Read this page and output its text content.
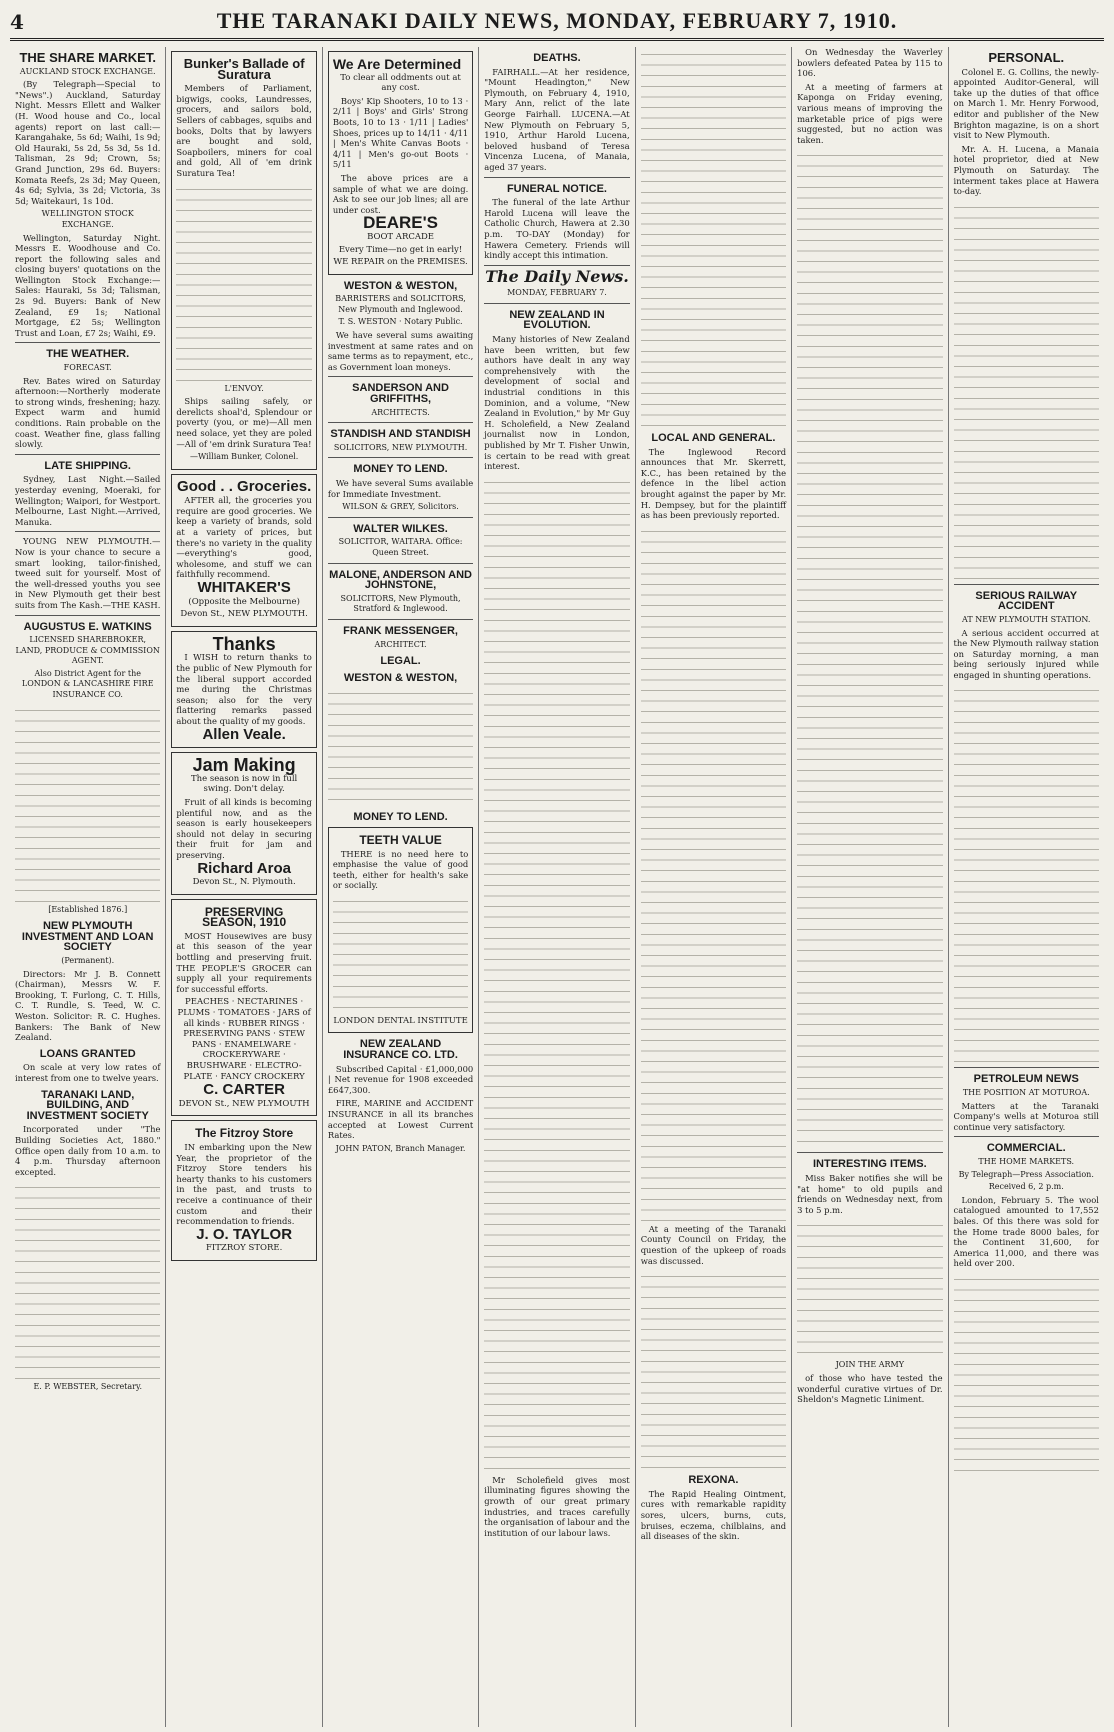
4	THE TARANAKI DAILY NEWS, MONDAY, FEBRUARY 7, 1910.
THE SHARE MARKET.
AUCKLAND STOCK EXCHANGE.

(By Telegraph—Special to "News".) Auckland, Saturday Night. Messrs Ellett and Walker (H. Wood house and Co., local agents) report on last call:—Karangahake, 5s 6d; Waihi, 1s 9d; Old Hauraki, 5s 2d, 5s 3d, 5s 1d. Talisman, 2s 9d; Crown, 5s; Grand Junction, 29s 6d. Buyers: Komata Reefs, 2s 3d; May Queen, 4s 6d; Sylvia, 3s 2d; Victoria, 3s 5d; Waitekauri, 1s 10d.

WELLINGTON STOCK EXCHANGE.

Wellington, Saturday Night. Messrs E. Woodhouse and Co. report the following sales and closing buyers' quotations on the Wellington Stock Exchange:—Sales: Hauraki, 5s 3d; Talisman, 2s 9d. Buyers: Bank of New Zealand, £9 1s; National Mortgage, £2 5s; Wellington Trust and Loan, £7 2s; Waihi, £9.

THE WEATHER.
FORECAST.

Rev. Bates wired on Saturday afternoon:—Northerly moderate to strong winds, freshening; hazy. Expect warm and humid conditions. Rain probable on the coast. Weather fine, glass falling slowly.

LATE SHIPPING.

Sydney, Last Night.—Sailed yesterday evening, Moeraki, for Wellington; Waipori, for Westport. Melbourne, Last Night.—Arrived, Manuka.

YOUNG NEW PLYMOUTH.—Now is your chance to secure a smart looking, tailor-finished, tweed suit for yourself. Most of the well-dressed youths you see in New Plymouth get their best suits from The Kash.—THE KASH.

AUGUSTUS E. WATKINS
LICENSED SHAREBROKER, LAND, PRODUCE & COMMISSION AGENT.
Also District Agent for the LONDON & LANCASHIRE FIRE INSURANCE CO.
[Established 1876.]
NEW PLYMOUTH INVESTMENT AND LOAN SOCIETY
(Permanent).

Directors: Mr J. B. Connett (Chairman), Messrs W. F. Brooking, T. Furlong, C. T. Hills, C. T. Rundle, S. Teed, W. C. Weston. Solicitor: R. C. Hughes. Bankers: The Bank of New Zealand.

LOANS GRANTED

On scale at very low rates of interest from one to twelve years.

TARANAKI LAND, BUILDING, AND INVESTMENT SOCIETY

Incorporated under "The Building Societies Act, 1880." Office open daily from 10 a.m. to 4 p.m. Thursday afternoon excepted.

E. P. WEBSTER, Secretary.
Bunker's Ballade of Suratura

Members of Parliament, bigwigs, cooks, Laundresses, grocers, and sailors bold, Sellers of cabbages, squibs and books, Dolts that by lawyers are bought and sold, Soapboilers, miners for coal and gold, All of 'em drink Suratura Tea!

L'ENVOY.

Ships sailing safely, or derelicts shoal'd, Splendour or poverty (you, or me)—All men need solace, yet they are poled—All of 'em drink Suratura Tea!

—William Bunker, Colonel.
Good . . Groceries.

AFTER all, the groceries you require are good groceries. We keep a variety of brands, sold at a variety of prices, but there's no variety in the quality—everything's good, wholesome, and stuff we can faithfully recommend.

WHITAKER'S
(Opposite the Melbourne)
Devon St., NEW PLYMOUTH.
Thanks

I WISH to return thanks to the public of New Plymouth for the liberal support accorded me during the Christmas season; also for the very flattering remarks passed about the quality of my goods.

Allen Veale.
Jam Making
The season is now in full swing. Don't delay.

Fruit of all kinds is becoming plentiful now, and as the season is early housekeepers should not delay in securing their fruit for jam and preserving.

Richard Aroa
Devon St., N. Plymouth.
PRESERVING SEASON, 1910

MOST Housewives are busy at this season of the year bottling and preserving fruit. THE PEOPLE'S GROCER can supply all your requirements for successful efforts.

PEACHES · NECTARINES · PLUMS · TOMATOES · JARS of all kinds · RUBBER RINGS · PRESERVING PANS · STEW PANS · ENAMELWARE · CROCKERYWARE · BRUSHWARE · ELECTRO-PLATE · FANCY CROCKERY
C. CARTER
DEVON St., NEW PLYMOUTH
The Fitzroy Store

IN embarking upon the New Year, the proprietor of the Fitzroy Store tenders his hearty thanks to his customers in the past, and trusts to receive a continuance of their custom and their recommendation to friends.

J. O. TAYLOR
FITZROY STORE.
We Are Determined
To clear all oddments out at any cost.

Boys' Kip Shooters, 10 to 13 · 2/11 | Boys' and Girls' Strong Boots, 10 to 13 · 1/11 | Ladies' Shoes, prices up to 14/11 · 4/11 | Men's White Canvas Boots · 4/11 | Men's go-out Boots · 5/11

The above prices are a sample of what we are doing. Ask to see our job lines; all are under cost.

DEARE'S
BOOT ARCADE
Every Time—no get in early!
WE REPAIR on the PREMISES.
WESTON & WESTON,
BARRISTERS and SOLICITORS, New Plymouth and Inglewood.
T. S. WESTON · Notary Public.

We have several sums awaiting investment at same rates and on same terms as to repayment, etc., as Government loan moneys.

SANDERSON AND GRIFFITHS,
ARCHITECTS.
STANDISH AND STANDISH
SOLICITORS, NEW PLYMOUTH.
MONEY TO LEND.

We have several Sums available for Immediate Investment.

WILSON & GREY, Solicitors.
WALTER WILKES.
SOLICITOR, WAITARA. Office: Queen Street.
MALONE, ANDERSON AND JOHNSTONE,
SOLICITORS, New Plymouth, Stratford & Inglewood.
FRANK MESSENGER,
ARCHITECT.
LEGAL.
WESTON & WESTON,
MONEY TO LEND.
TEETH VALUE

THERE is no need here to emphasise the value of good teeth, either for health's sake or socially.

LONDON DENTAL INSTITUTE
NEW ZEALAND INSURANCE CO. LTD.

Subscribed Capital · £1,000,000 | Net revenue for 1908 exceeded £647,300.

FIRE, MARINE and ACCIDENT INSURANCE in all its branches accepted at Lowest Current Rates.

JOHN PATON, Branch Manager.
DEATHS.

FAIRHALL.—At her residence, "Mount Headington," New Plymouth, on February 4, 1910, Mary Ann, relict of the late George Fairhall. LUCENA.—At New Plymouth on February 5, 1910, Arthur Harold Lucena, beloved husband of Teresa Vincenza Lucena, of Manaia, aged 37 years.

FUNERAL NOTICE.

The funeral of the late Arthur Harold Lucena will leave the Catholic Church, Hawera at 2.30 p.m. TO-DAY (Monday) for Hawera Cemetery. Friends will kindly accept this intimation.

The Daily News.
MONDAY, FEBRUARY 7.
NEW ZEALAND IN EVOLUTION.

Many histories of New Zealand have been written, but few authors have dealt in any way comprehensively with the development of social and industrial conditions in this Dominion, and a volume, "New Zealand in Evolution," by Mr Guy H. Scholefield, a New Zealand journalist now in London, published by Mr T. Fisher Unwin, is certain to be read with great interest.

Mr Scholefield gives most illuminating figures showing the growth of our great primary industries, and traces carefully the organisation of labour and the institution of our labour laws.

LOCAL AND GENERAL.

The Inglewood Record announces that Mr. Skerrett, K.C., has been retained by the defence in the libel action brought against the paper by Mr. H. Dempsey, but for the plaintiff as has been previously reported.

At a meeting of the Taranaki County Council on Friday, the question of the upkeep of roads was discussed.

REXONA.

The Rapid Healing Ointment, cures with remarkable rapidity sores, ulcers, burns, cuts, bruises, eczema, chilblains, and all diseases of the skin.

On Wednesday the Waverley bowlers defeated Patea by 115 to 106.

At a meeting of farmers at Kaponga on Friday evening, various means of improving the marketable price of pigs were suggested, but no action was taken.

INTERESTING ITEMS.

Miss Baker notifies she will be "at home" to old pupils and friends on Wednesday next, from 3 to 5 p.m.

JOIN THE ARMY

of those who have tested the wonderful curative virtues of Dr. Sheldon's Magnetic Liniment.

PERSONAL.

Colonel E. G. Collins, the newly-appointed Auditor-General, will take up the duties of that office on March 1. Mr. Henry Forwood, editor and publisher of the New Brighton magazine, is on a short visit to New Plymouth.

Mr. A. H. Lucena, a Manaia hotel proprietor, died at New Plymouth on Saturday. The interment takes place at Hawera to-day.

SERIOUS RAILWAY ACCIDENT
AT NEW PLYMOUTH STATION.

A serious accident occurred at the New Plymouth railway station on Saturday morning, a man being seriously injured while engaged in shunting operations.

PETROLEUM NEWS
THE POSITION AT MOTUROA.

Matters at the Taranaki Company's wells at Moturoa still continue very satisfactory.

COMMERCIAL.
THE HOME MARKETS.
By Telegraph—Press Association.
Received 6, 2 p.m.

London, February 5. The wool catalogued amounted to 17,552 bales. Of this there was sold for the Home trade 8000 bales, for the Continent 31,600, for America 11,000, and there was held over 200.
